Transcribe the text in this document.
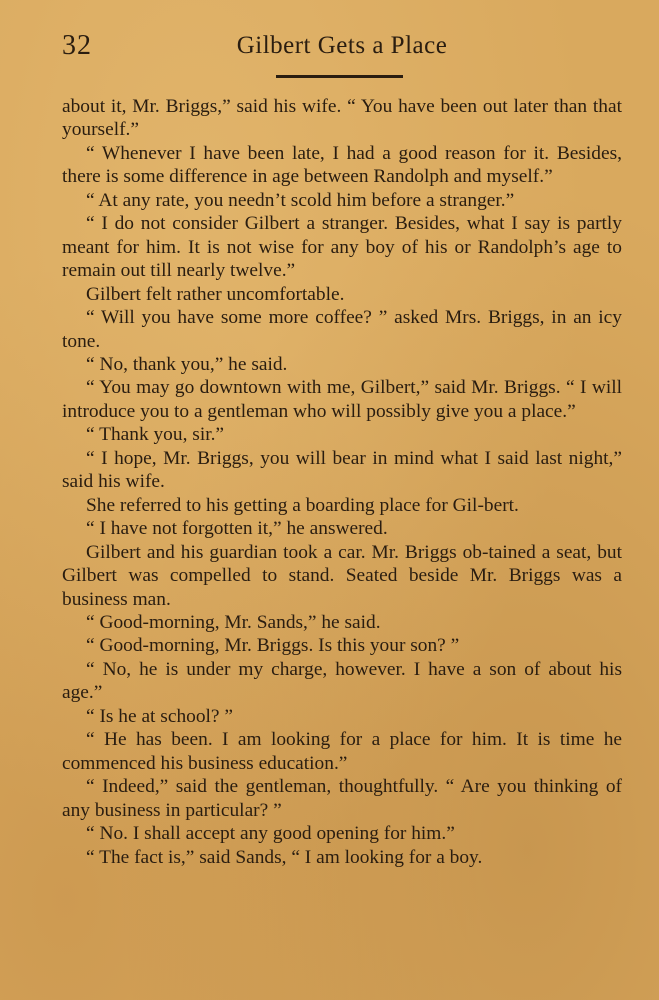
32	Gilbert Gets a Place

about it, Mr. Briggs,” said his wife. “ You have been out later than that yourself.”

“ Whenever I have been late, I had a good reason for it. Besides, there is some difference in age between Randolph and myself.”

“ At any rate, you needn’t scold him before a stranger.”

“ I do not consider Gilbert a stranger. Besides, what I say is partly meant for him. It is not wise for any boy of his or Randolph’s age to remain out till nearly twelve.”

Gilbert felt rather uncomfortable.

“ Will you have some more coffee? ” asked Mrs. Briggs, in an icy tone.

“ No, thank you,” he said.

“ You may go downtown with me, Gilbert,” said Mr. Briggs. “ I will introduce you to a gentleman who will possibly give you a place.”

“ Thank you, sir.”

“ I hope, Mr. Briggs, you will bear in mind what I said last night,” said his wife.

She referred to his getting a boarding place for Gil-bert.

“ I have not forgotten it,” he answered.

Gilbert and his guardian took a car. Mr. Briggs ob-tained a seat, but Gilbert was compelled to stand. Seated beside Mr. Briggs was a business man.

“ Good-morning, Mr. Sands,” he said.

“ Good-morning, Mr. Briggs. Is this your son? ”

“ No, he is under my charge, however. I have a son of about his age.”

“ Is he at school? ”

“ He has been. I am looking for a place for him. It is time he commenced his business education.”

“ Indeed,” said the gentleman, thoughtfully. “ Are you thinking of any business in particular? ”

“ No. I shall accept any good opening for him.”

“ The fact is,” said Sands, “ I am looking for a boy.
